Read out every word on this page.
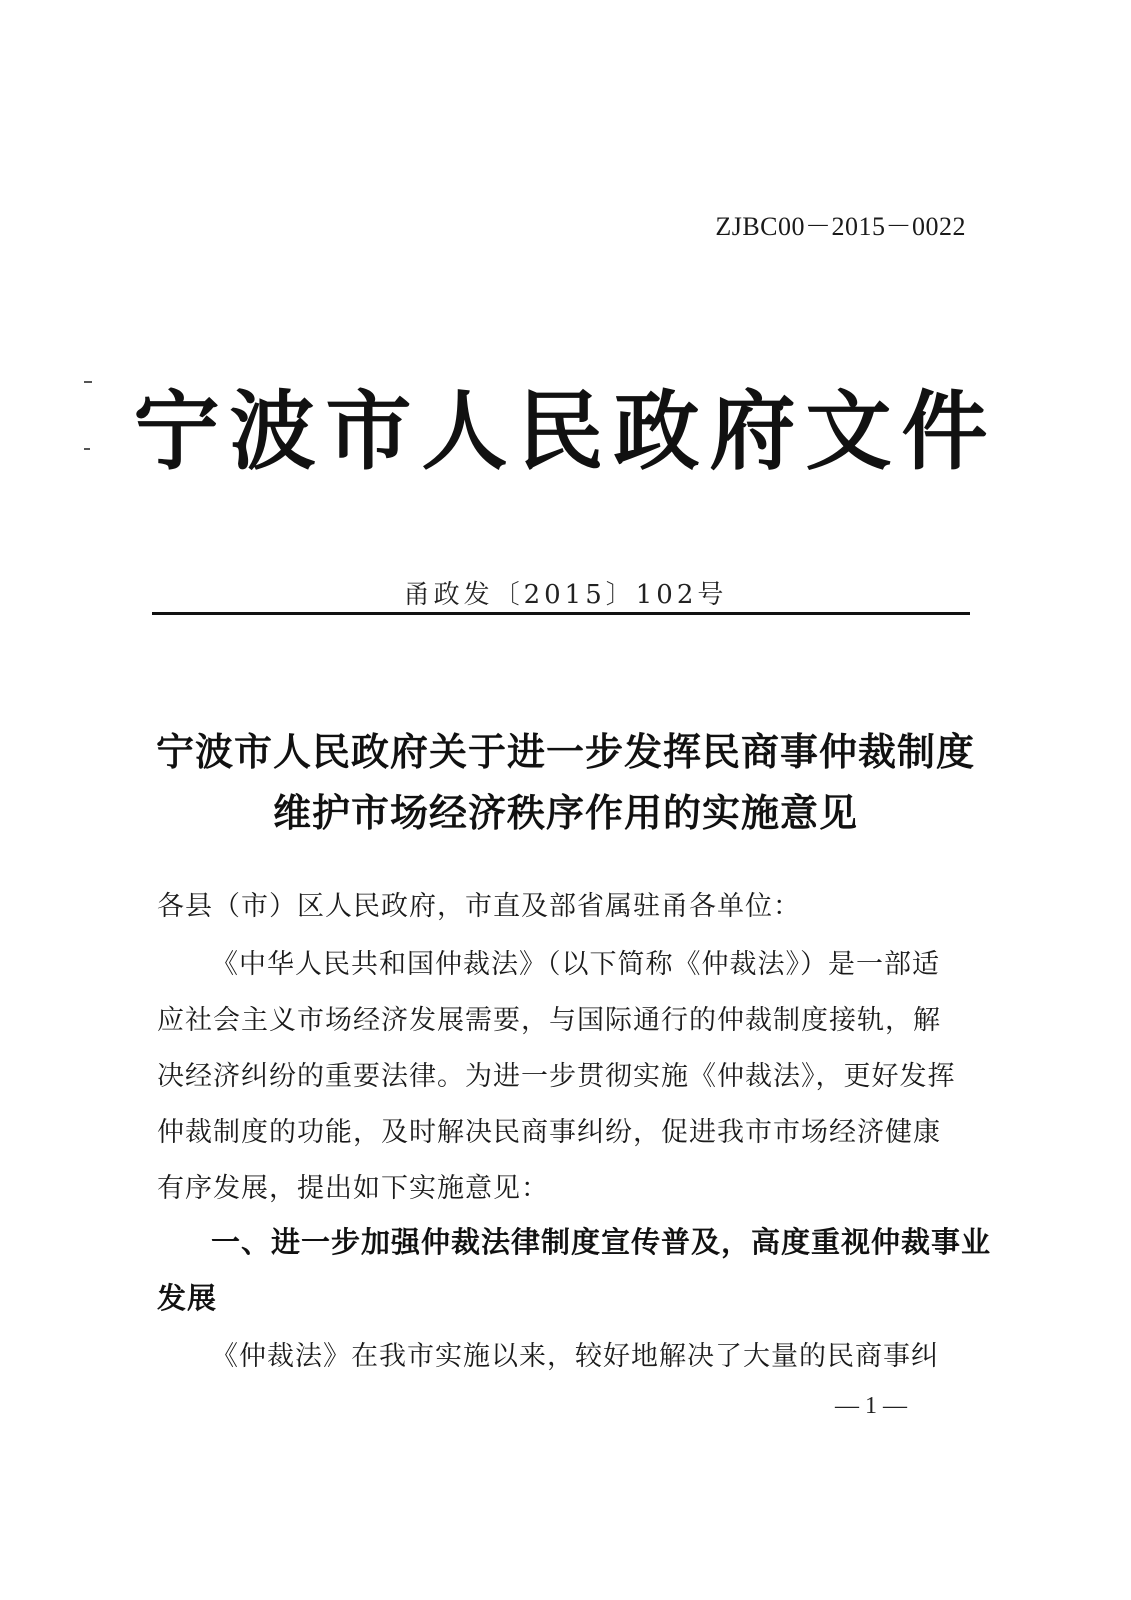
ZJBC00－2015－0022
宁波市人民政府文件
甬政发〔2015〕102号
宁波市人民政府关于进一步发挥民商事仲裁制度
维护市场经济秩序作用的实施意见
各县（市）区人民政府，市直及部省属驻甬各单位：
《中华人民共和国仲裁法》（以下简称《仲裁法》）是一部适
应社会主义市场经济发展需要，与国际通行的仲裁制度接轨，解
决经济纠纷的重要法律。为进一步贯彻实施《仲裁法》，更好发挥
仲裁制度的功能，及时解决民商事纠纷，促进我市市场经济健康
有序发展，提出如下实施意见：
一、进一步加强仲裁法律制度宣传普及，高度重视仲裁事业
发展
《仲裁法》在我市实施以来，较好地解决了大量的民商事纠
— 1 —
